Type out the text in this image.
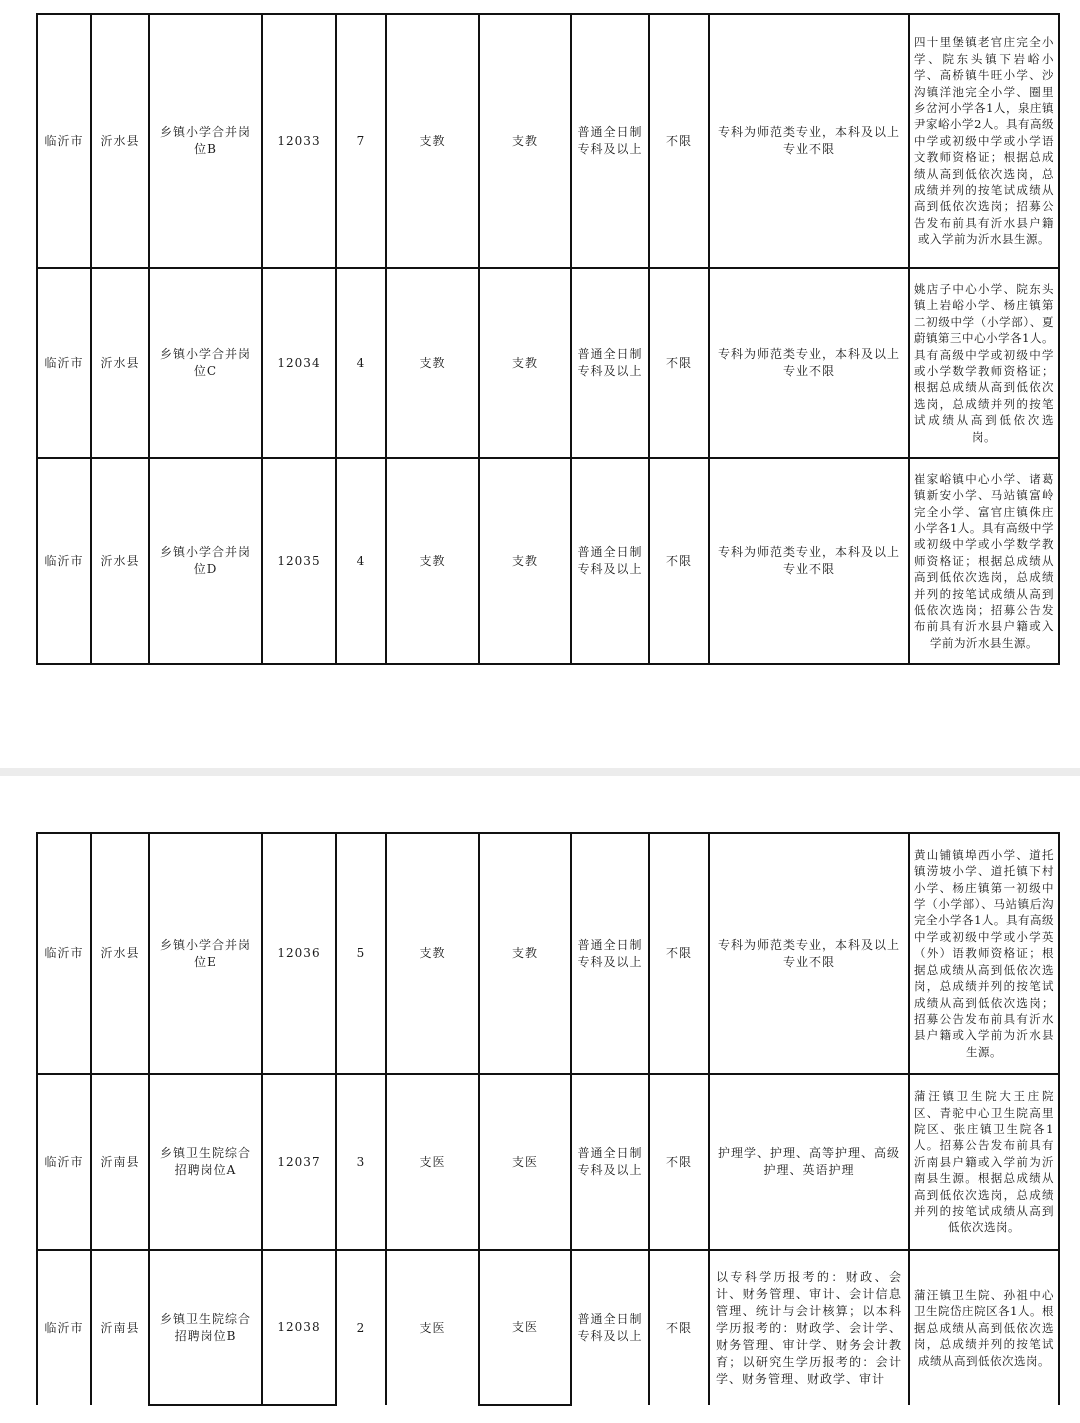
临沂市	沂水县	乡镇小学合并岗位B	12033	7	支教	支教	普通全日制专科及以上	不限	专科为师范类专业，本科及以上专业不限	四十里堡镇老官庄完全小学、院东头镇下岩峪小学、高桥镇牛旺小学、沙沟镇洋池完全小学、圈里乡岔河小学各1人，泉庄镇尹家峪小学2人。具有高级中学或初级中学或小学语文教师资格证；根据总成绩从高到低依次选岗，总成绩并列的按笔试成绩从高到低依次选岗；招募公告发布前具有沂水县户籍或入学前为沂水县生源。
临沂市	沂水县	乡镇小学合并岗位C	12034	4	支教	支教	普通全日制专科及以上	不限	专科为师范类专业，本科及以上专业不限	姚店子中心小学、院东头镇上岩峪小学、杨庄镇第二初级中学（小学部）、夏蔚镇第三中心小学各1人。具有高级中学或初级中学或小学数学教师资格证；根据总成绩从高到低依次选岗，总成绩并列的按笔试成绩从高到低依次选岗。
临沂市	沂水县	乡镇小学合并岗位D	12035	4	支教	支教	普通全日制专科及以上	不限	专科为师范类专业，本科及以上专业不限	崔家峪镇中心小学、诸葛镇新安小学、马站镇富岭完全小学、富官庄镇侏庄小学各1人。具有高级中学或初级中学或小学数学教师资格证；根据总成绩从高到低依次选岗，总成绩并列的按笔试成绩从高到低依次选岗；招募公告发布前具有沂水县户籍或入学前为沂水县生源。
临沂市	沂水县	乡镇小学合并岗位E	12036	5	支教	支教	普通全日制专科及以上	不限	专科为师范类专业，本科及以上专业不限	黄山铺镇埠西小学、道托镇涝坡小学、道托镇下村小学、杨庄镇第一初级中学（小学部）、马站镇后沟完全小学各1人。具有高级中学或初级中学或小学英（外）语教师资格证；根据总成绩从高到低依次选岗，总成绩并列的按笔试成绩从高到低依次选岗；招募公告发布前具有沂水县户籍或入学前为沂水县生源。
临沂市	沂南县	乡镇卫生院综合招聘岗位A	12037	3	支医	支医	普通全日制专科及以上	不限	护理学、护理、高等护理、高级护理、英语护理	蒲汪镇卫生院大王庄院区、青驼中心卫生院高里院区、张庄镇卫生院各1人。招募公告发布前具有沂南县户籍或入学前为沂南县生源。根据总成绩从高到低依次选岗，总成绩并列的按笔试成绩从高到低依次选岗。
临沂市	沂南县	乡镇卫生院综合招聘岗位B	12038	2	支医	支医	普通全日制专科及以上	不限	以专科学历报考的：财政、会计、财务管理、审计、会计信息管理、统计与会计核算；以本科学历报考的：财政学、会计学、财务管理、审计学、财务会计教育；以研究生学历报考的：会计学、财务管理、财政学、审计	蒲汪镇卫生院、孙祖中心卫生院岱庄院区各1人。根据总成绩从高到低依次选岗，总成绩并列的按笔试成绩从高到低依次选岗。
